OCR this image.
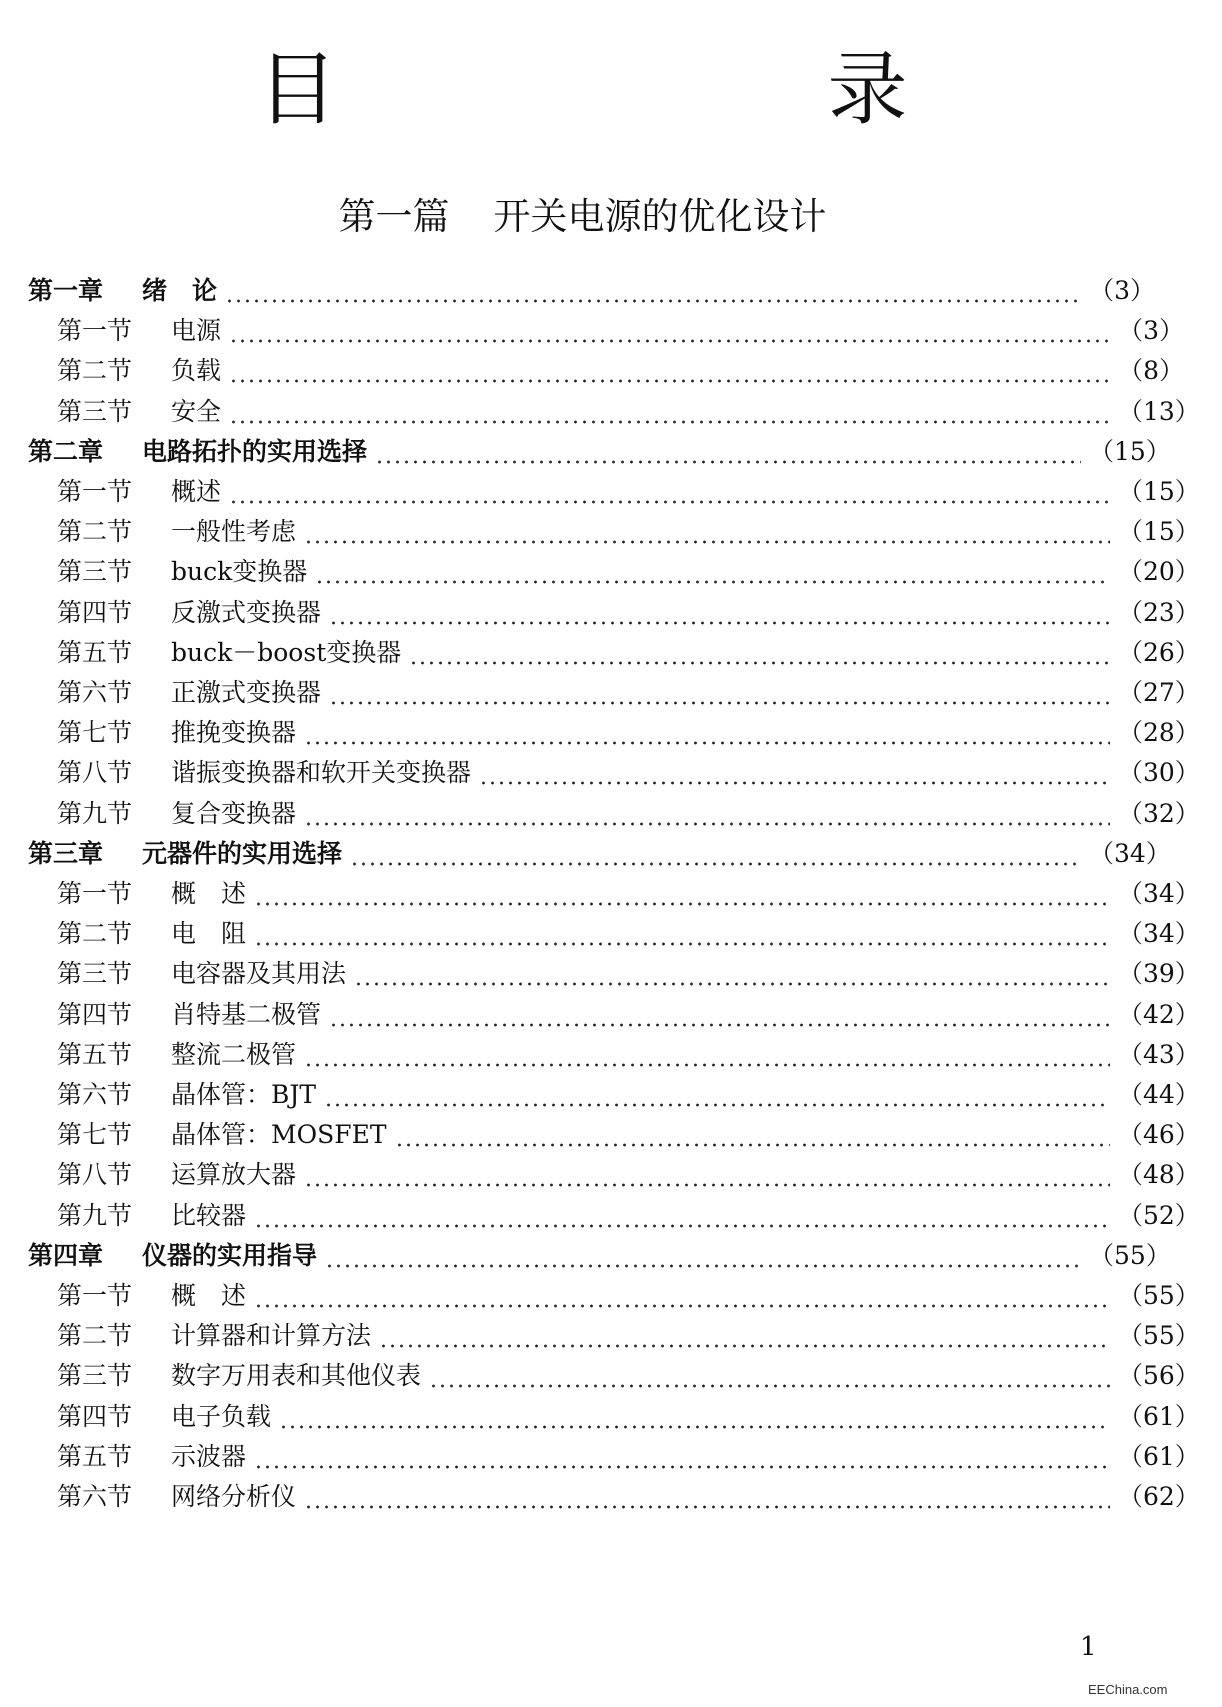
目　　录
第一篇 开关电源的优化设计
第一章	绪　论	（3）
第一节	电源	（3）
第二节	负载	（8）
第三节	安全	（13）
第二章	电路拓扑的实用选择	（15）
第一节	概述	（15）
第二节	一般性考虑	（15）
第三节	buck变换器	（20）
第四节	反激式变换器	（23）
第五节	buck－boost变换器	（26）
第六节	正激式变换器	（27）
第七节	推挽变换器	（28）
第八节	谐振变换器和软开关变换器	（30）
第九节	复合变换器	（32）
第三章	元器件的实用选择	（34）
第一节	概　述	（34）
第二节	电　阻	（34）
第三节	电容器及其用法	（39）
第四节	肖特基二极管	（42）
第五节	整流二极管	（43）
第六节	晶体管：BJT	（44）
第七节	晶体管：MOSFET	（46）
第八节	运算放大器	（48）
第九节	比较器	（52）
第四章	仪器的实用指导	（55）
第一节	概　述	（55）
第二节	计算器和计算方法	（55）
第三节	数字万用表和其他仪表	（56）
第四节	电子负载	（61）
第五节	示波器	（61）
第六节	网络分析仪	（62）
1
EEChina.com
